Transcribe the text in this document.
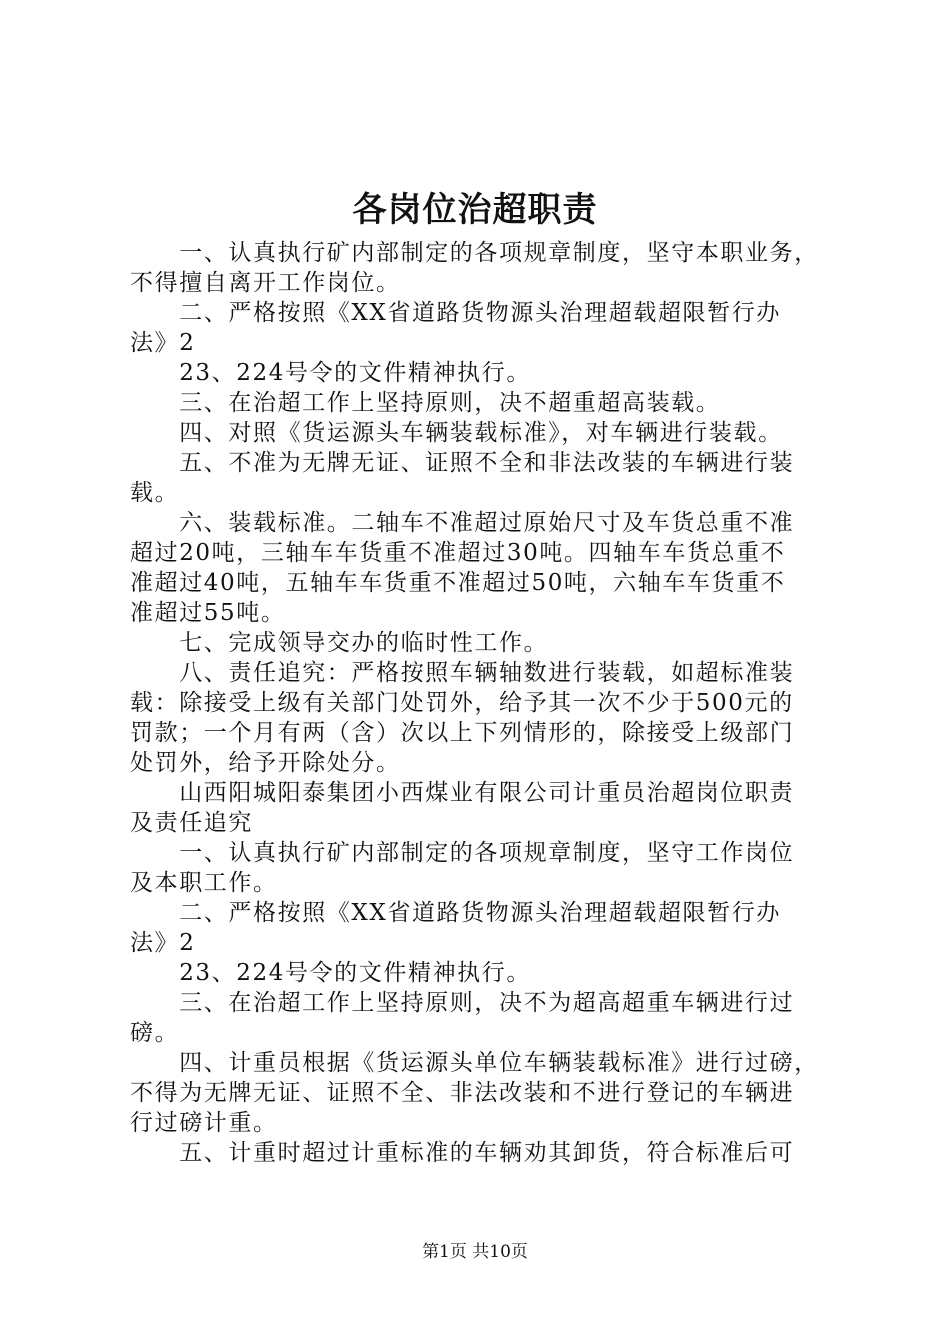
各岗位治超职责
　　一、认真执行矿内部制定的各项规章制度，坚守本职业务，
不得擅自离开工作岗位。
　　二、严格按照《XX省道路货物源头治理超载超限暂行办
法》2
　　23、224号令的文件精神执行。
　　三、在治超工作上坚持原则，决不超重超高装载。
　　四、对照《货运源头车辆装载标准》，对车辆进行装载。
　　五、不准为无牌无证、证照不全和非法改装的车辆进行装
载。
　　六、装载标准。二轴车不准超过原始尺寸及车货总重不准
超过20吨，三轴车车货重不准超过30吨。四轴车车货总重不
准超过40吨，五轴车车货重不准超过50吨，六轴车车货重不
准超过55吨。
　　七、完成领导交办的临时性工作。
　　八、责任追究：严格按照车辆轴数进行装载，如超标准装
载：除接受上级有关部门处罚外，给予其一次不少于500元的
罚款；一个月有两（含）次以上下列情形的，除接受上级部门
处罚外，给予开除处分。
　　山西阳城阳泰集团小西煤业有限公司计重员治超岗位职责
及责任追究
　　一、认真执行矿内部制定的各项规章制度，坚守工作岗位
及本职工作。
　　二、严格按照《XX省道路货物源头治理超载超限暂行办
法》2
　　23、224号令的文件精神执行。
　　三、在治超工作上坚持原则，决不为超高超重车辆进行过
磅。
　　四、计重员根据《货运源头单位车辆装载标准》进行过磅，
不得为无牌无证、证照不全、非法改装和不进行登记的车辆进
行过磅计重。
　　五、计重时超过计重标准的车辆劝其卸货，符合标准后可
第1页 共10页
